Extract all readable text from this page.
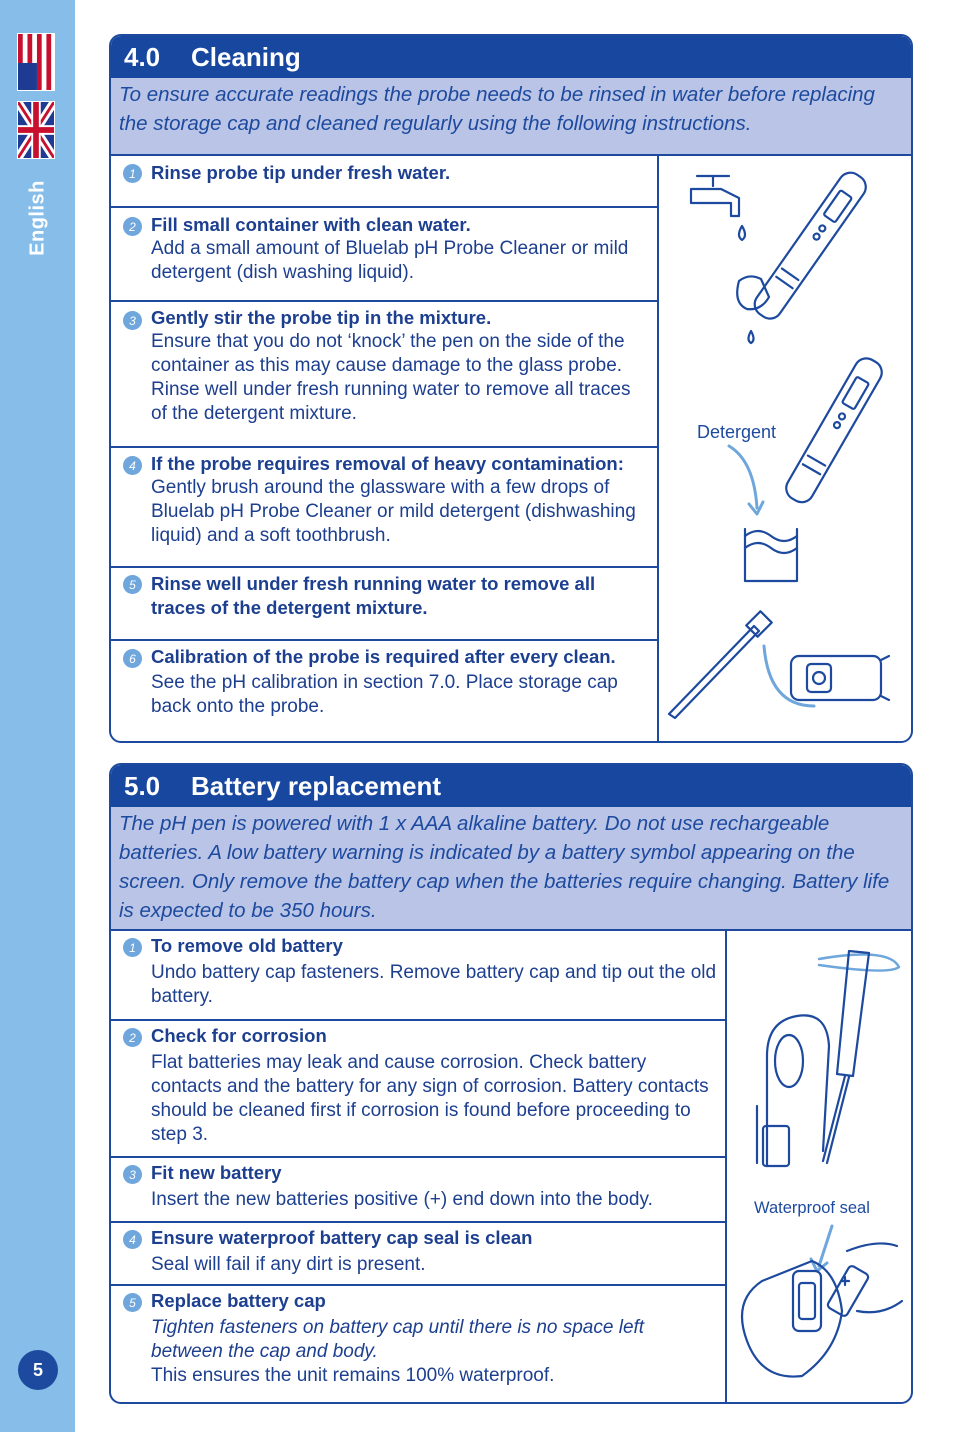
English
5
4.0	Cleaning
To ensure accurate readings the probe needs to be rinsed in water before replacing the storage cap and cleaned regularly using the following instructions.
1 Rinse probe tip under fresh water.
2 Fill small container with clean water.
Add a small amount of Bluelab pH Probe Cleaner or mild detergent (dish washing liquid).
3 Gently stir the probe tip in the mixture.
Ensure that you do not ‘knock’ the pen on the side of the container as this may cause damage to the glass probe. Rinse well under fresh running water to remove all traces of the detergent mixture.
4 If the probe requires removal of heavy contamination:
Gently brush around the glassware with a few drops of Bluelab pH Probe Cleaner or mild detergent (dishwashing liquid) and a soft toothbrush.
5 Rinse well under fresh running water to remove all traces of the detergent mixture.
6 Calibration of the probe is required after every clean.
See the pH calibration in section 7.0. Place storage cap back onto the probe.
Detergent
5.0	Battery replacement
The pH pen is powered with 1 x AAA alkaline battery. Do not use rechargeable batteries. A low battery warning is indicated by a battery symbol appearing on the screen. Only remove the battery cap when the batteries require changing. Battery life is expected to be 350 hours.
1 To remove old battery
Undo battery cap fasteners. Remove battery cap and tip out the old battery.
2 Check for corrosion
Flat batteries may leak and cause corrosion. Check battery contacts and the battery for any sign of corrosion. Battery contacts should be cleaned first if corrosion is found before proceeding to step 3.
3 Fit new battery
Insert the new batteries positive (+) end down into the body.
4 Ensure waterproof battery cap seal is clean
Seal will fail if any dirt is present.
5 Replace battery cap
Tighten fasteners on battery cap until there is no space left between the cap and body.
This ensures the unit remains 100% waterproof.
Waterproof seal
